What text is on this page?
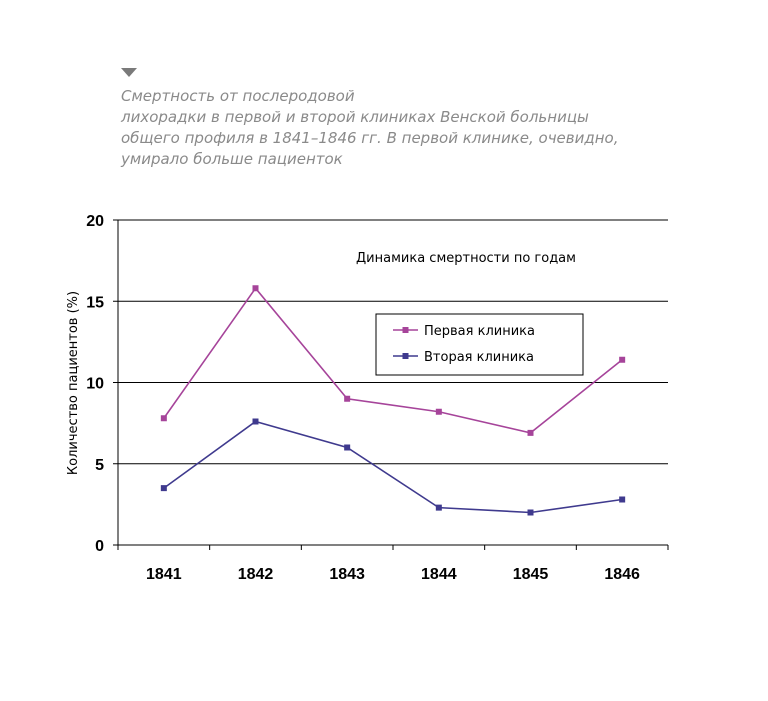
Смертность от послеродовой
лихорадки в первой и второй клиниках Венской больницы
общего профиля в 1841–1846 гг. В первой клинике, очевидно,
умирало больше пациенток

0
5
10
15
20
1841	1842	1843	1844	1845	1846
Количество пациентов (%)
Динамика смертности по годам
Первая клиника
Вторая клиника
